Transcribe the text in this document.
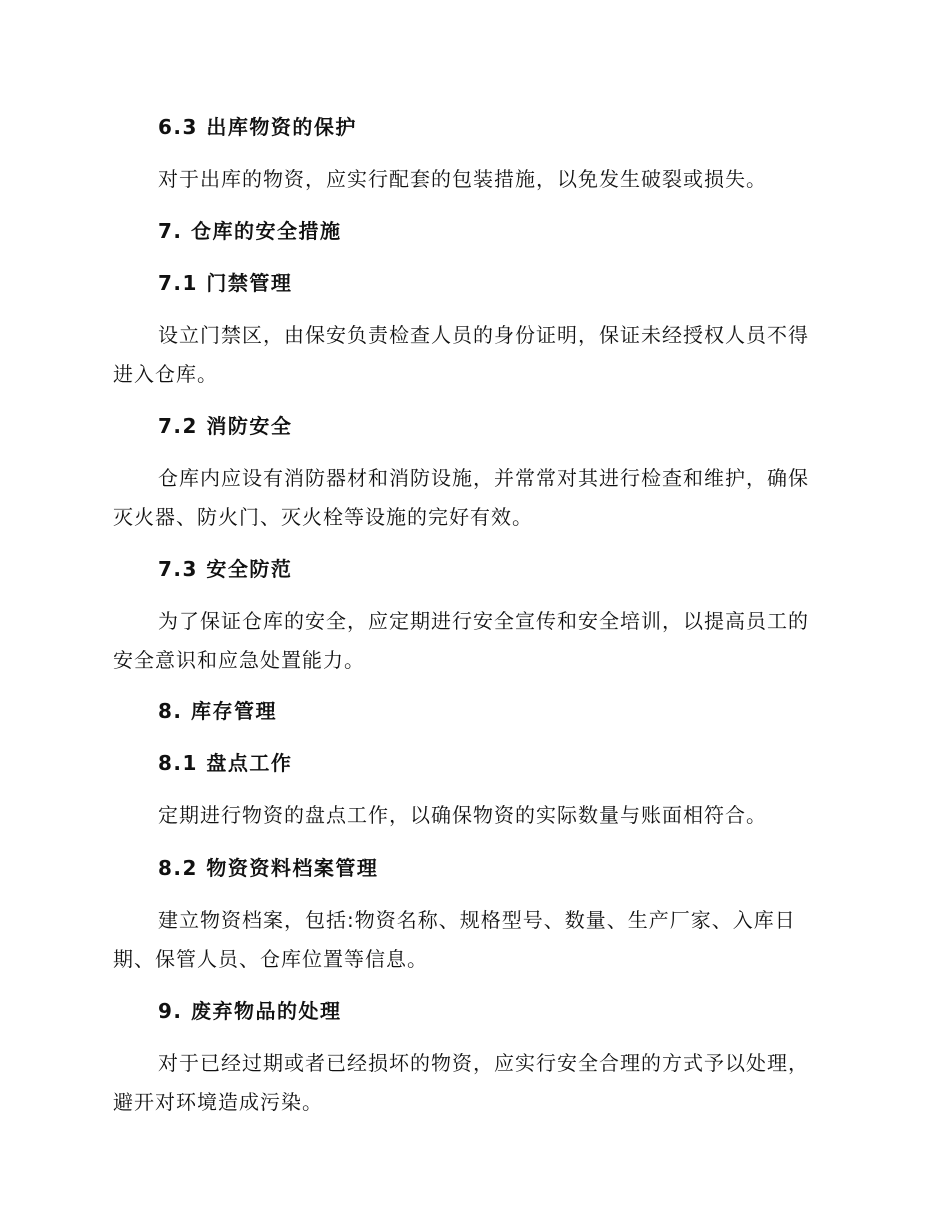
6.3 出库物资的保护
对于出库的物资，应实行配套的包装措施，以免发生破裂或损失。
7. 仓库的安全措施
7.1 门禁管理
设立门禁区，由保安负责检查人员的身份证明，保证未经授权人员不得
进入仓库。
7.2 消防安全
仓库内应设有消防器材和消防设施，并常常对其进行检查和维护，确保
灭火器、防火门、灭火栓等设施的完好有效。
7.3 安全防范
为了保证仓库的安全，应定期进行安全宣传和安全培训，以提高员工的
安全意识和应急处置能力。
8. 库存管理
8.1 盘点工作
定期进行物资的盘点工作，以确保物资的实际数量与账面相符合。
8.2 物资资料档案管理
建立物资档案，包括:物资名称、规格型号、数量、生产厂家、入库日
期、保管人员、仓库位置等信息。
9. 废弃物品的处理
对于已经过期或者已经损坏的物资，应实行安全合理的方式予以处理，
避开对环境造成污染。
